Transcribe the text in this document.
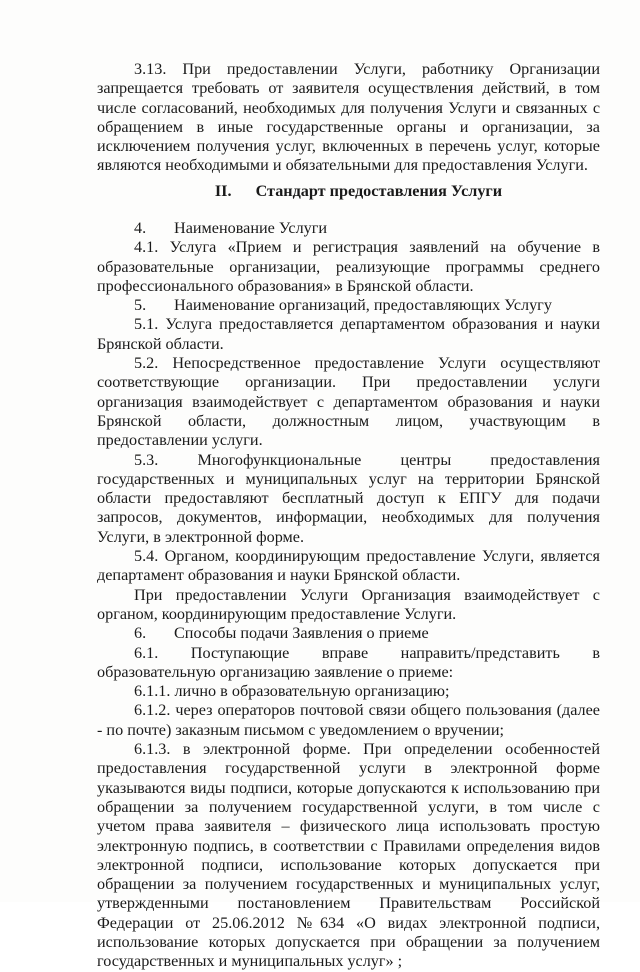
3.13. При предоставлении Услуги, работнику Организации запрещается требовать от заявителя осуществления действий, в том числе согласований, необходимых для получения Услуги и связанных с обращением в иные государственные органы и организации, за исключением получения услуг, включенных в перечень услуг, которые являются необходимыми и обязательными для предоставления Услуги.

II. Стандарт предоставления Услуги

4. Наименование Услуги

4.1. Услуга «Прием и регистрация заявлений на обучение в образовательные организации, реализующие программы среднего профессионального образования» в Брянской области.

5. Наименование организаций, предоставляющих Услугу

5.1. Услуга предоставляется департаментом образования и науки Брянской области.

5.2. Непосредственное предоставление Услуги осуществляют соответствующие организации. При предоставлении услуги организация взаимодействует с департаментом образования и науки Брянской области, должностным лицом, участвующим в предоставлении услуги.

5.3. Многофункциональные центры предоставления государственных и муниципальных услуг на территории Брянской области предоставляют бесплатный доступ к ЕПГУ для подачи запросов, документов, информации, необходимых для получения Услуги, в электронной форме.

5.4. Органом, координирующим предоставление Услуги, является департамент образования и науки Брянской области.

При предоставлении Услуги Организация взаимодействует с органом, координирующим предоставление Услуги.

6. Способы подачи Заявления о приеме

6.1. Поступающие вправе направить/представить в образовательную организацию заявление о приеме:

6.1.1. лично в образовательную организацию;

6.1.2. через операторов почтовой связи общего пользования (далее - по почте) заказным письмом с уведомлением о вручении;

6.1.3. в электронной форме. При определении особенностей предоставления государственной услуги в электронной форме указываются виды подписи, которые допускаются к использованию при обращении за получением государственной услуги, в том числе с учетом права заявителя – физического лица использовать простую электронную подпись, в соответствии с Правилами определения видов электронной подписи, использование которых допускается при обращении за получением государственных и муниципальных услуг, утвержденными постановлением Правительствам Российской Федерации от 25.06.2012 №634 «О видах электронной подписи, использование которых допускается при обращении за получением государственных и муниципальных услуг» ;
